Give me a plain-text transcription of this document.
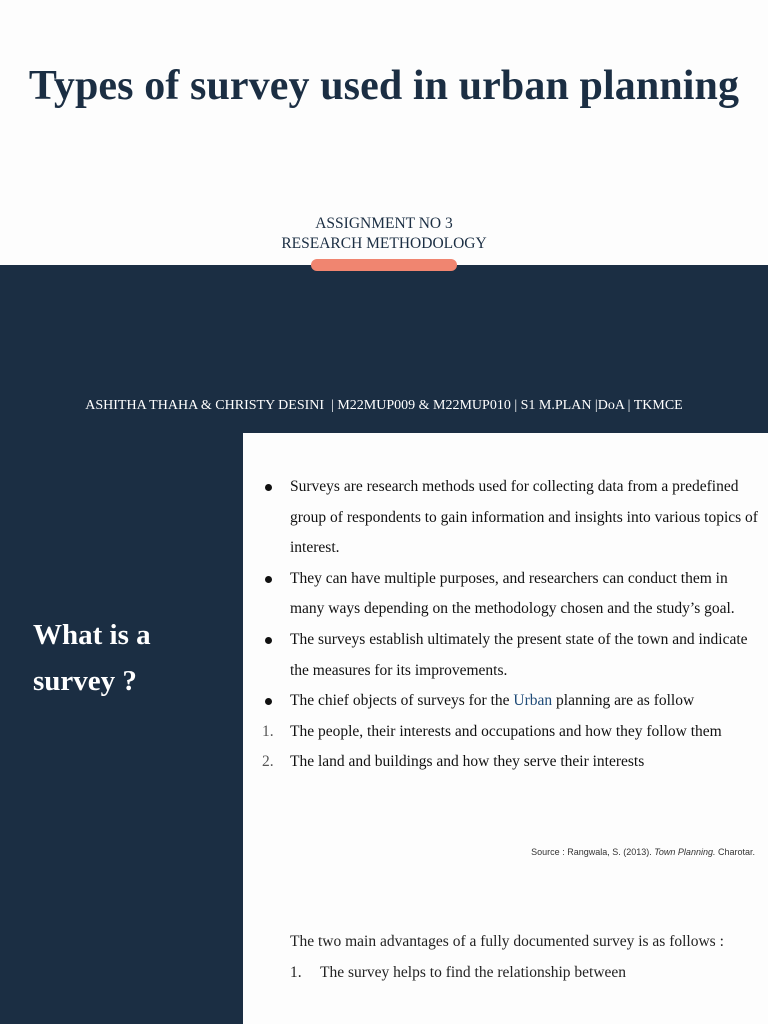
Types of survey used in urban planning
ASSIGNMENT NO 3
RESEARCH METHODOLOGY
ASHITHA THAHA & CHRISTY DESINI  | M22MUP009 & M22MUP010 | S1 M.PLAN |DoA | TKMCE
What is a
survey ?
Surveys are research methods used for collecting data from a predefined group of respondents to gain information and insights into various topics of interest.
They can have multiple purposes, and researchers can conduct them in many ways depending on the methodology chosen and the study’s goal.
The surveys establish ultimately the present state of the town and indicate the measures for its improvements.
The chief objects of surveys for the Urban planning are as follow
1. The people, their interests and occupations and how they follow them
2. The land and buildings and how they serve their interests
Source : Rangwala, S. (2013). Town Planning. Charotar.
The two main advantages of a fully documented survey is as follows :
1.	The survey helps to find the relationship between
